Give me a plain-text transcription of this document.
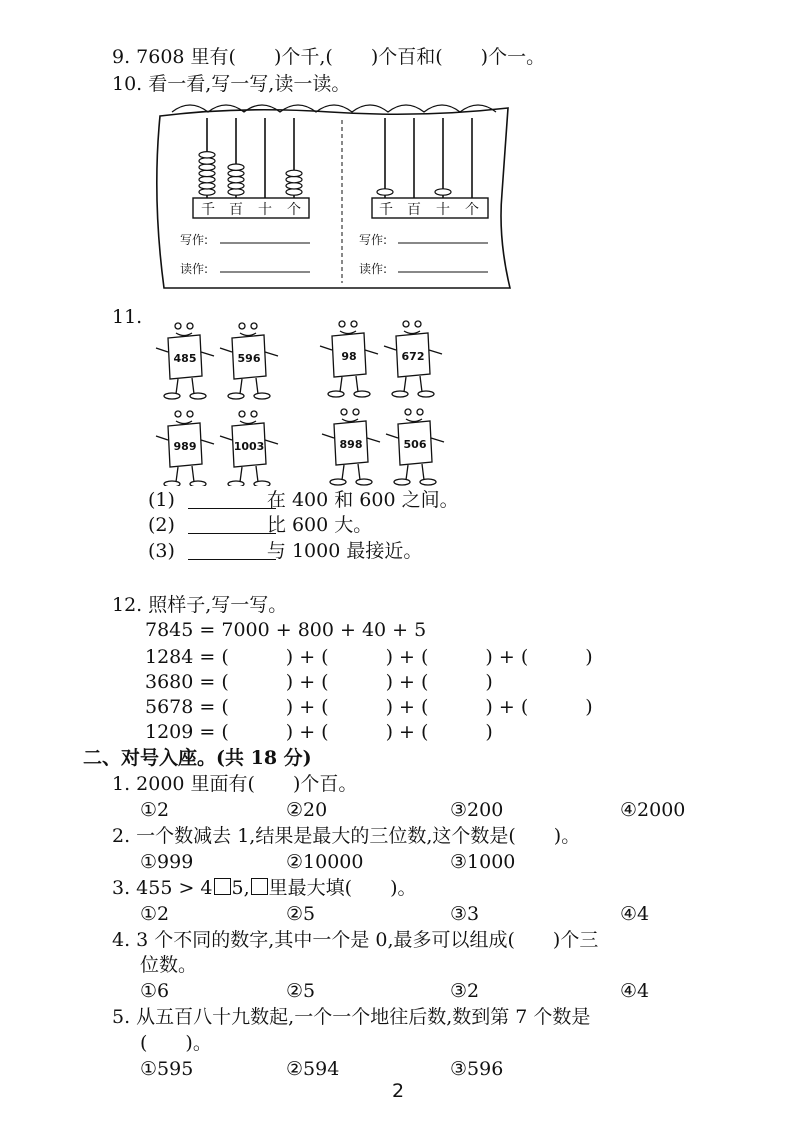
9. 7608 里有(　　)个千,(　　)个百和(　　)个一。
10. 看一看,写一写,读一读。
千 百 十 个	千 百 十 个
写作:
读作:
写作:
读作:
11.
485	596	98	672
989	1003	898	506
(1)	在 400 和 600 之间。
(2)	比 600 大。
(3)	与 1000 最接近。
12. 照样子,写一写。
7845 = 7000 + 800 + 40 + 5
1284 = (　　　) + (　　　) + (　　　) + (　　　)
3680 = (　　　) + (　　　) + (　　　)
5678 = (　　　) + (　　　) + (　　　) + (　　　)
1209 = (　　　) + (　　　) + (　　　)
二、对号入座。(共 18 分)
1. 2000 里面有(　　)个百。
①2	②20	③200	④2000
2. 一个数减去 1,结果是最大的三位数,这个数是(　　)。
①999	②10000	③1000
3. 455 > 4 5, 里最大填(　　)。
①2	②5	③3	④4
4. 3 个不同的数字,其中一个是 0,最多可以组成(　　)个三
位数。
①6	②5	③2	④4
5. 从五百八十九数起,一个一个地往后数,数到第 7 个数是
(　　)。
①595	②594	③596
2
